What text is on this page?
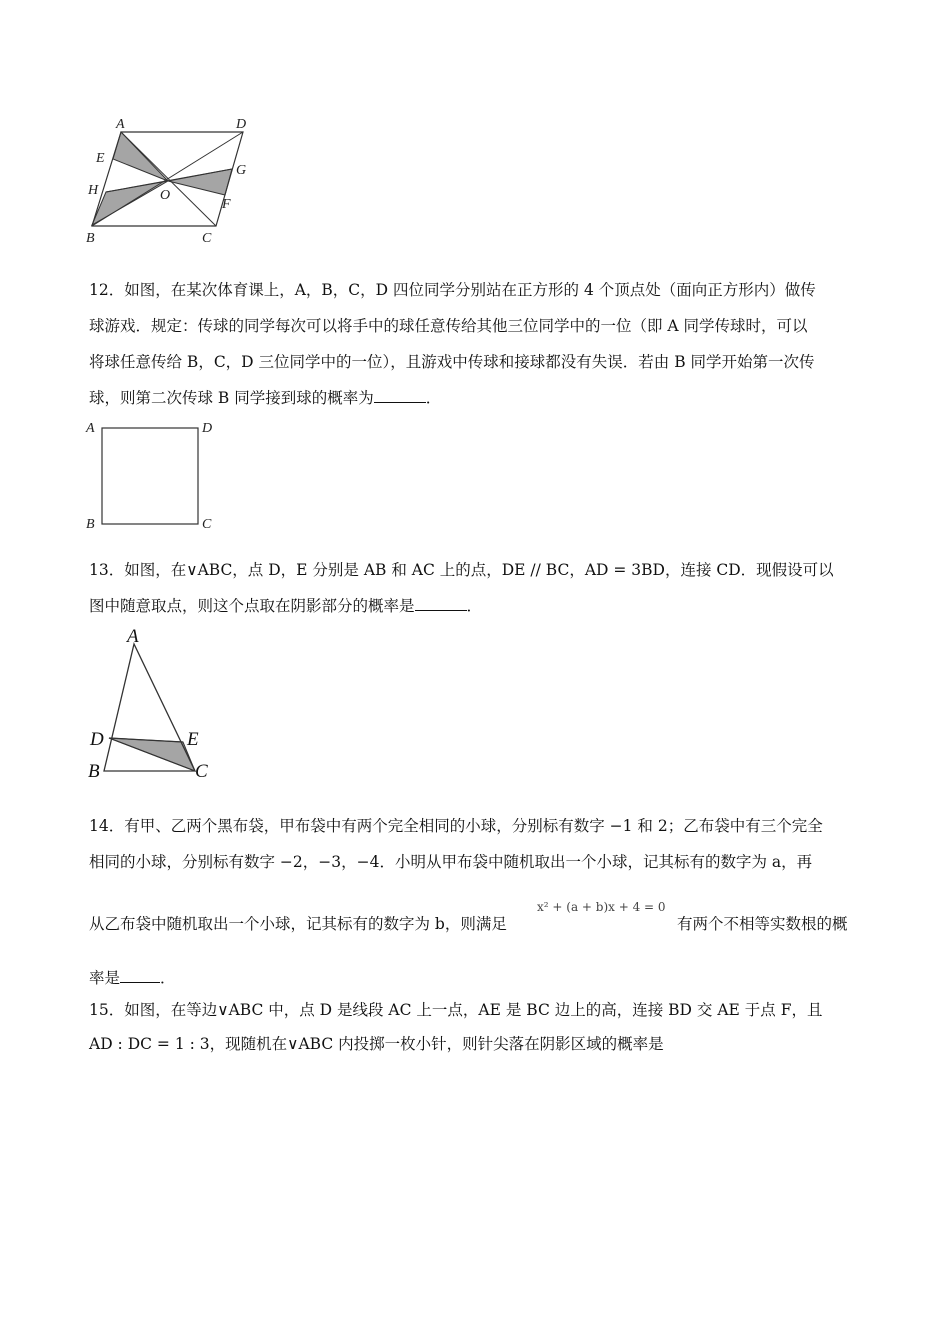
A	D
E
G
H	O
F
B	C
12．如图，在某次体育课上，A，B，C，D 四位同学分别站在正方形的 4 个顶点处（面向正方形内）做传
球游戏．规定：传球的同学每次可以将手中的球任意传给其他三位同学中的一位（即 A 同学传球时，可以
将球任意传给 B，C，D 三位同学中的一位），且游戏中传球和接球都没有失误．若由 B 同学开始第一次传
球，则第二次传球 B 同学接到球的概率为	．
A	D
B	C
13．如图，在∨ABC，点 D，E 分别是 AB 和 AC 上的点，DE // BC，AD = 3BD，连接 CD．现假设可以
图中随意取点，则这个点取在阴影部分的概率是	．
A
D	E
B	C
14．有甲、乙两个黑布袋，甲布袋中有两个完全相同的小球，分别标有数字 −1 和 2；乙布袋中有三个完全
相同的小球，分别标有数字 −2，−3，−4．小明从甲布袋中随机取出一个小球，记其标有的数字为 a，再
从乙布袋中随机取出一个小球，记其标有的数字为 b，则满足
x² + (a + b)x + 4 = 0
有两个不相等实数根的概
率是	．
15．如图，在等边∨ABC 中，点 D 是线段 AC 上一点，AE 是 BC 边上的高，连接 BD 交 AE 于点 F，且
AD : DC = 1 : 3，现随机在∨ABC 内投掷一枚小针，则针尖落在阴影区域的概率是
